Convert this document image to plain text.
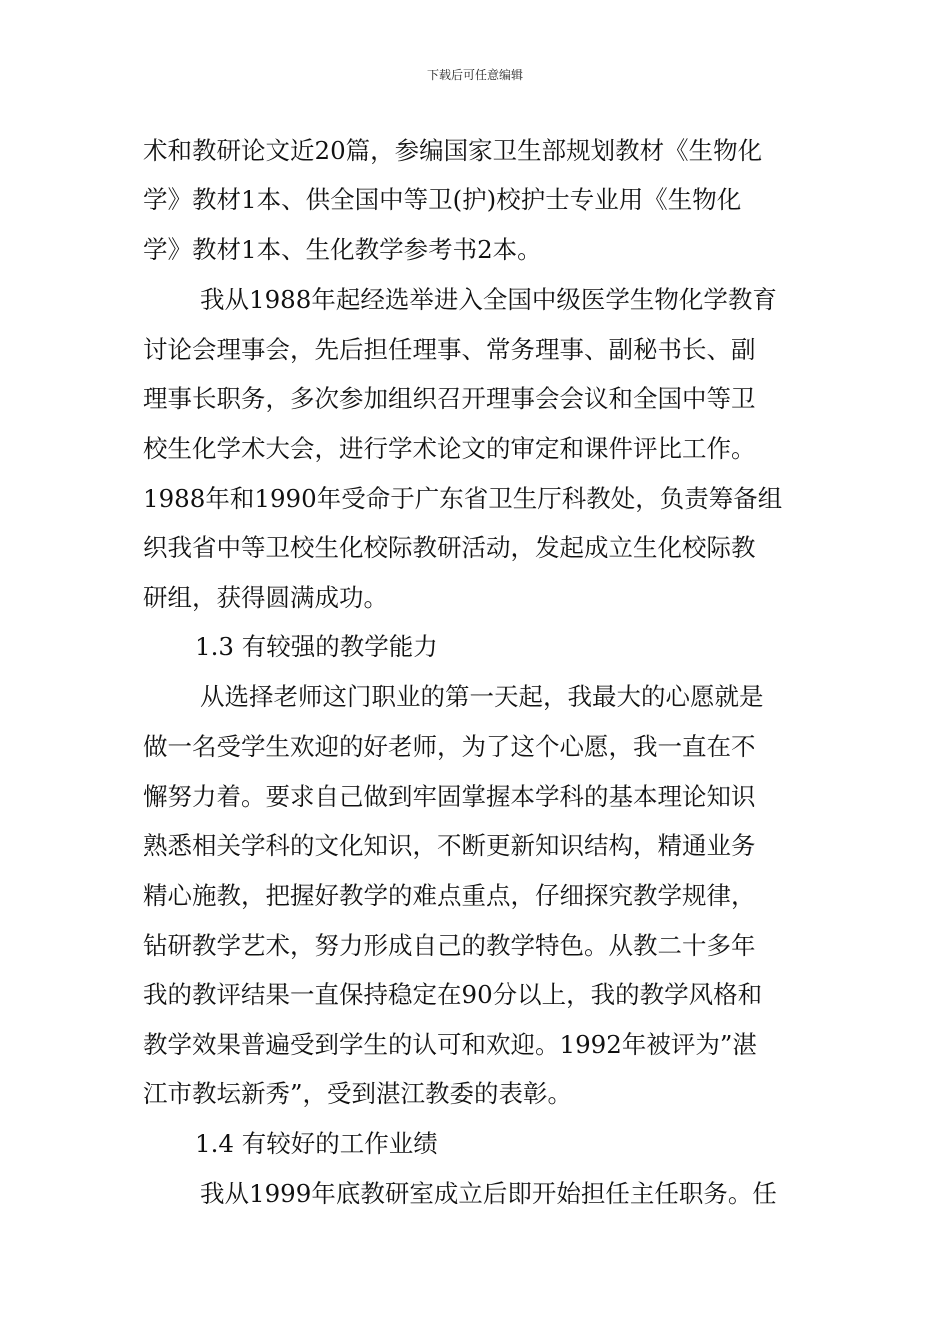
下载后可任意编辑

术和教研论文近20篇，参编国家卫生部规划教材《生物化

学》教材1本、供全国中等卫(护)校护士专业用《生物化

学》教材1本、生化教学参考书2本。

我从1988年起经选举进入全国中级医学生物化学教育

讨论会理事会，先后担任理事、常务理事、副秘书长、副

理事长职务，多次参加组织召开理事会会议和全国中等卫

校生化学术大会，进行学术论文的审定和课件评比工作。

1988年和1990年受命于广东省卫生厅科教处，负责筹备组

织我省中等卫校生化校际教研活动，发起成立生化校际教

研组，获得圆满成功。

1.3 有较强的教学能力

从选择老师这门职业的第一天起，我最大的心愿就是

做一名受学生欢迎的好老师，为了这个心愿，我一直在不

懈努力着。要求自己做到牢固掌握本学科的基本理论知识

熟悉相关学科的文化知识，不断更新知识结构，精通业务

精心施教，把握好教学的难点重点，仔细探究教学规律，

钻研教学艺术，努力形成自己的教学特色。从教二十多年

我的教评结果一直保持稳定在90分以上，我的教学风格和

教学效果普遍受到学生的认可和欢迎。1992年被评为”湛

江市教坛新秀”，受到湛江教委的表彰。

1.4 有较好的工作业绩

我从1999年底教研室成立后即开始担任主任职务。任
